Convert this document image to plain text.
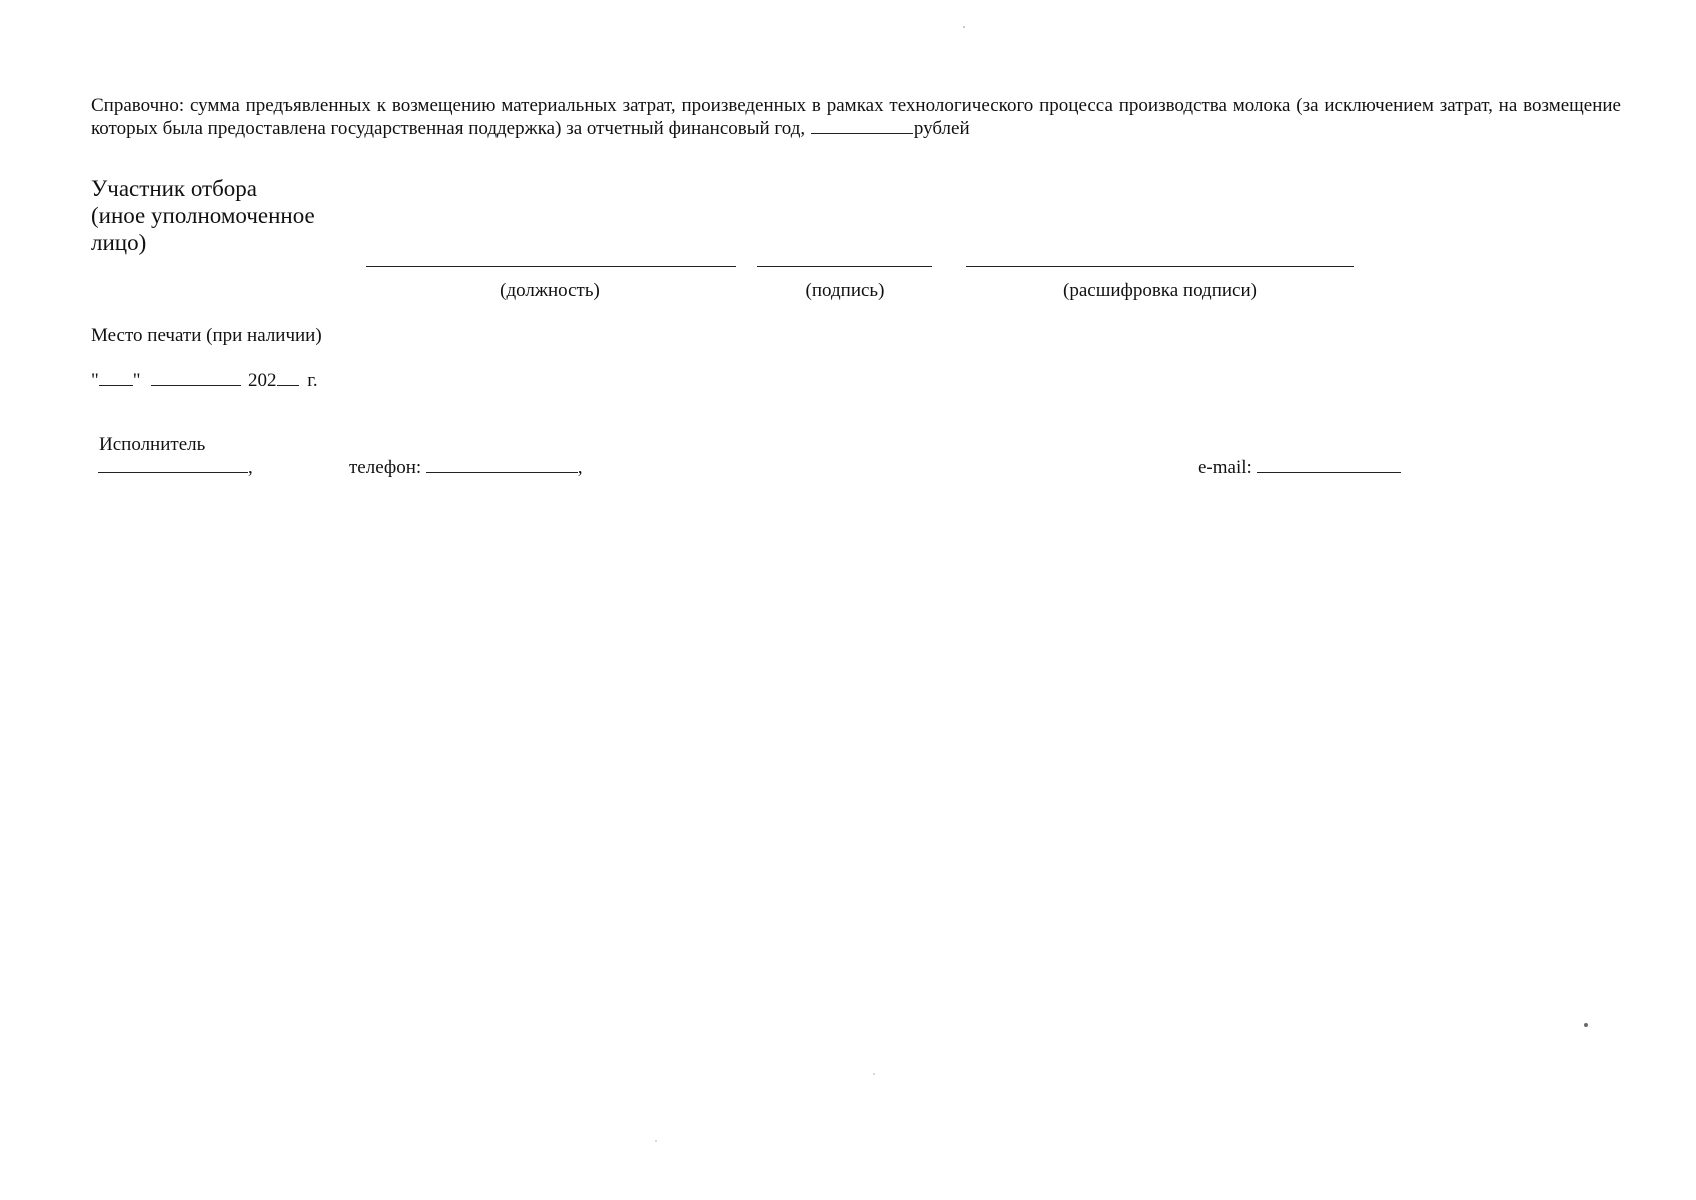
Справочно: сумма предъявленных к возмещению материальных затрат, произведенных в рамках технологического процесса производства молока (за исключением затрат, на возмещение которых была предоставлена государственная поддержка) за отчетный финансовый год,	рублей
Участник отбора
(иное уполномоченное
лицо)
(должность)	(подпись)	(расшифровка подписи)
Место печати (при наличии)
" "	202 г.
Исполнитель
,	телефон:	,	e-mail:
